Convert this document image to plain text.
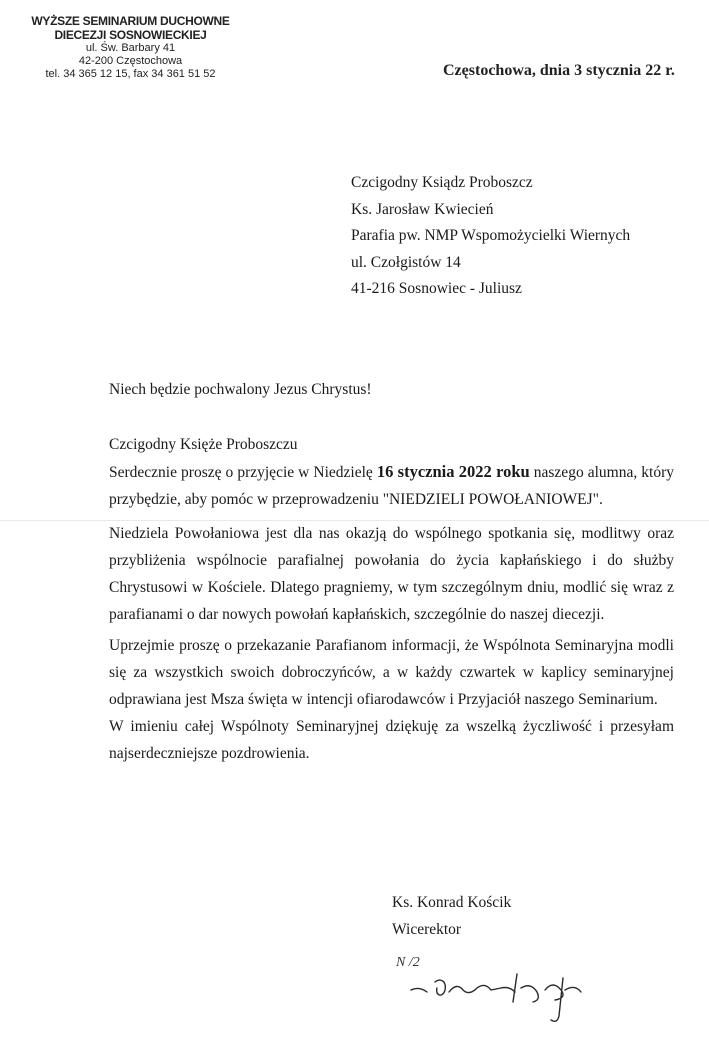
WYŻSZE SEMINARIUM DUCHOWNE
DIECEZJI SOSNOWIECKIEJ
ul. Św. Barbary 41
42-200 Częstochowa
tel. 34 365 12 15, fax 34 361 51 52	Częstochowa, dnia 3 stycznia 22 r.
Czcigodny Ksiądz Proboszcz
Ks. Jarosław Kwiecień
Parafia pw. NMP Wspomożycielki Wiernych
ul. Czołgistów 14
41-216 Sosnowiec - Juliusz
Niech będzie pochwalony Jezus Chrystus!

Czcigodny Księże Proboszczu

Serdecznie proszę o przyjęcie w Niedzielę 16 stycznia 2022 roku naszego alumna, który przybędzie, aby pomóc w przeprowadzeniu "NIEDZIELI POWOŁANIOWEJ".

Niedziela Powołaniowa jest dla nas okazją do wspólnego spotkania się, modlitwy oraz przybliżenia wspólnocie parafialnej powołania do życia kapłańskiego i do służby Chrystusowi w Kościele. Dlatego pragniemy, w tym szczególnym dniu, modlić się wraz z parafianami o dar nowych powołań kapłańskich, szczególnie do naszej diecezji.

Uprzejmie proszę o przekazanie Parafianom informacji, że Wspólnota Seminaryjna modli się za wszystkich swoich dobroczyńców, a w każdy czwartek w kaplicy seminaryjnej odprawiana jest Msza święta w intencji ofiarodawców i Przyjaciół naszego Seminarium.

W imieniu całej Wspólnoty Seminaryjnej dziękuję za wszelką życzliwość i przesyłam najserdeczniejsze pozdrowienia.

Ks. Konrad Kościk
Wicerektor
N /2
